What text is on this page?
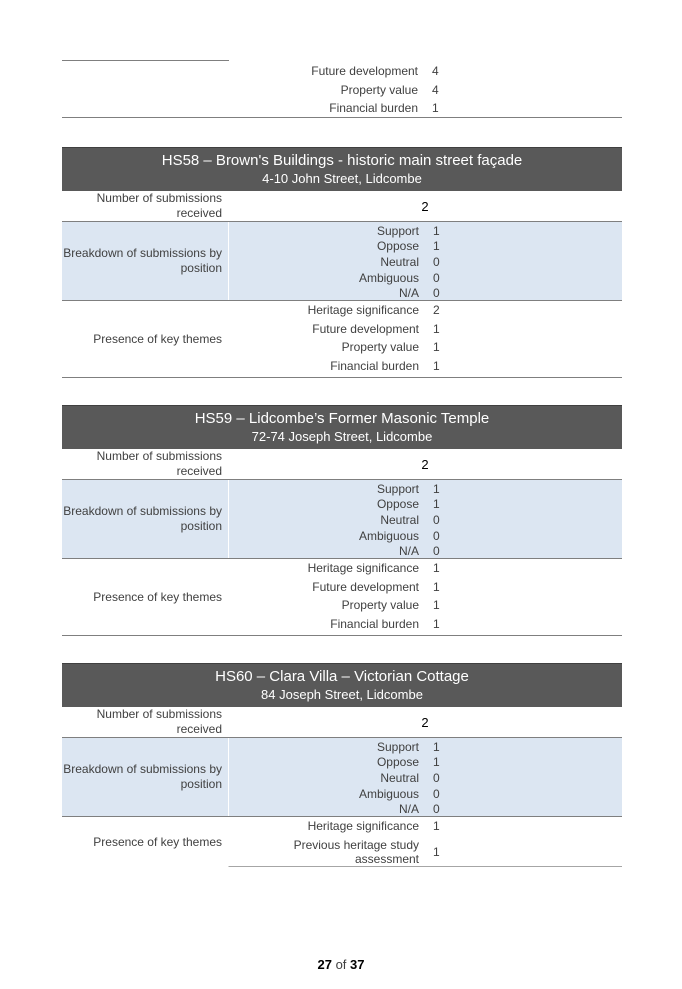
Future development	4
Property value	4
Financial burden	1
HS58 – Brown's Buildings - historic main street façade
4-10 John Street, Lidcombe
Number of submissions received	2
Breakdown of submissions by position
Support	1
Oppose	1
Neutral	0
Ambiguous	0
N/A	0
Presence of key themes
Heritage significance	2
Future development	1
Property value	1
Financial burden	1
HS59 – Lidcombe’s Former Masonic Temple
72-74 Joseph Street, Lidcombe
Number of submissions received	2
Breakdown of submissions by position
Support	1
Oppose	1
Neutral	0
Ambiguous	0
N/A	0
Presence of key themes
Heritage significance	1
Future development	1
Property value	1
Financial burden	1
HS60 – Clara Villa – Victorian Cottage
84 Joseph Street, Lidcombe
Number of submissions received	2
Breakdown of submissions by position
Support	1
Oppose	1
Neutral	0
Ambiguous	0
N/A	0
Presence of key themes
Heritage significance	1
Previous heritage study assessment	1
27 of 37
